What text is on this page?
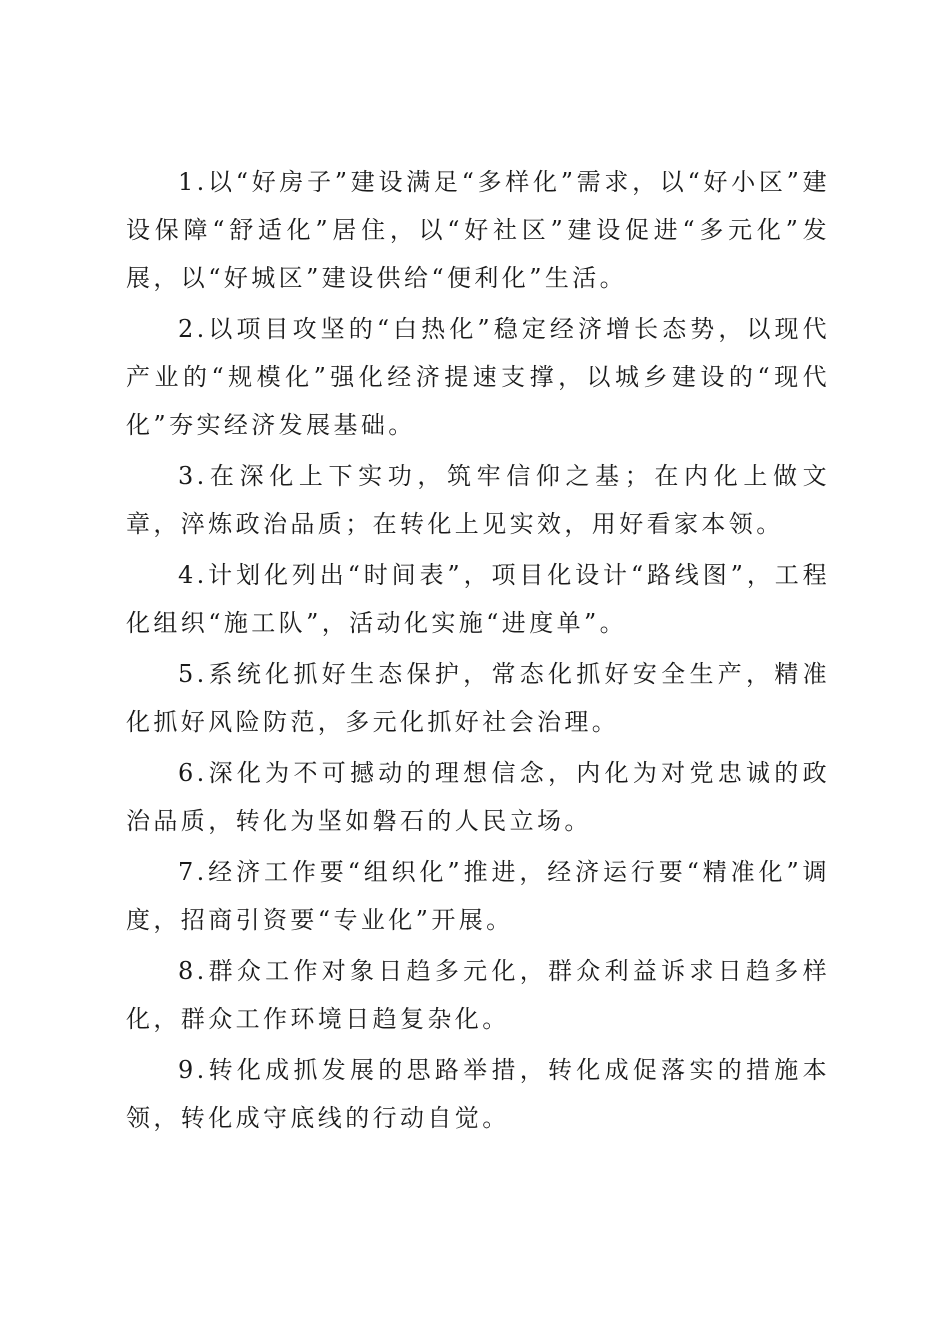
1.以“好房子”建设满足“多样化”需求，以“好小区”建设保障“舒适化”居住，以“好社区”建设促进“多元化”发展，以“好城区”建设供给“便利化”生活。

2.以项目攻坚的“白热化”稳定经济增长态势，以现代产业的“规模化”强化经济提速支撑，以城乡建设的“现代化”夯实经济发展基础。

3.在深化上下实功，筑牢信仰之基；在内化上做文章，淬炼政治品质；在转化上见实效，用好看家本领。

4.计划化列出“时间表”，项目化设计“路线图”，工程化组织“施工队”，活动化实施“进度单”。

5.系统化抓好生态保护，常态化抓好安全生产，精准化抓好风险防范，多元化抓好社会治理。

6.深化为不可撼动的理想信念，内化为对党忠诚的政治品质，转化为坚如磐石的人民立场。

7.经济工作要“组织化”推进，经济运行要“精准化”调度，招商引资要“专业化”开展。

8.群众工作对象日趋多元化，群众利益诉求日趋多样化，群众工作环境日趋复杂化。

9.转化成抓发展的思路举措，转化成促落实的措施本领，转化成守底线的行动自觉。
